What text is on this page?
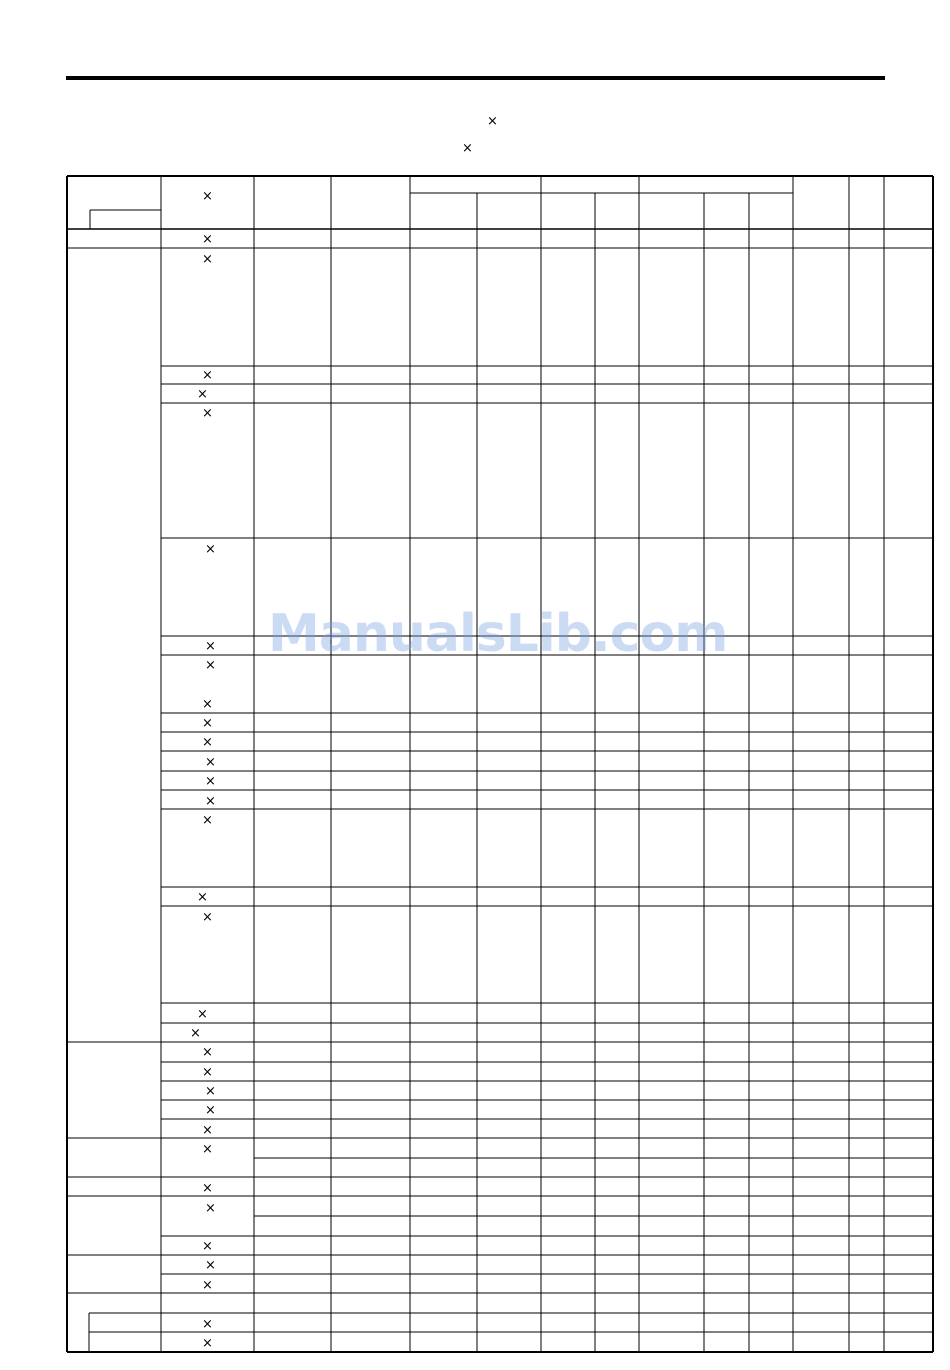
×
×
×
×
×
×
×
×
×
×
×
×
×
×
×
×
×
×
×
×
×
×
×
×
×
×
×
×
×
×
×
×
×
×
×
ManualsLib.com
